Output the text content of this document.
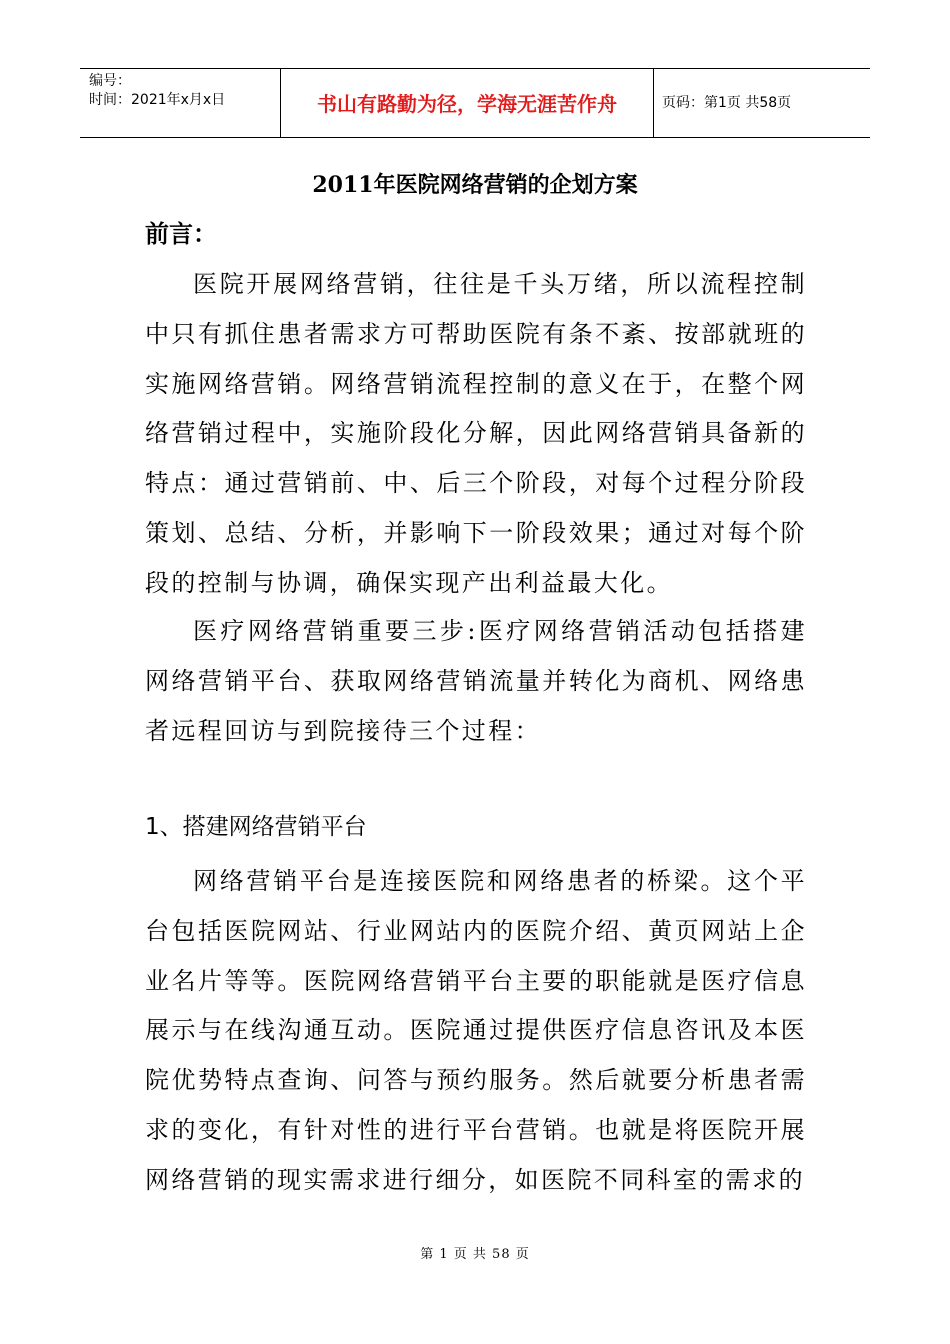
编号：
时间：2021年x月x日	书山有路勤为径，学海无涯苦作舟	页码：第1页 共58页
2011年医院网络营销的企划方案
前言：

医院开展网络营销，往往是千头万绪，所以流程控制中只有抓住患者需求方可帮助医院有条不紊、按部就班的实施网络营销。网络营销流程控制的意义在于，在整个网络营销过程中，实施阶段化分解，因此网络营销具备新的特点：通过营销前、中、后三个阶段，对每个过程分阶段策划、总结、分析，并影响下一阶段效果；通过对每个阶段的控制与协调，确保实现产出利益最大化。

医疗网络营销重要三步:医疗网络营销活动包括搭建网络营销平台、获取网络营销流量并转化为商机、网络患者远程回访与到院接待三个过程：

1、搭建网络营销平台

网络营销平台是连接医院和网络患者的桥梁。这个平台包括医院网站、行业网站内的医院介绍、黄页网站上企业名片等等。医院网络营销平台主要的职能就是医疗信息展示与在线沟通互动。医院通过提供医疗信息咨讯及本医院优势特点查询、问答与预约服务。然后就要分析患者需求的变化，有针对性的进行平台营销。也就是将医院开展网络营销的现实需求进行细分，如医院不同科室的需求的

第 1 页 共 58 页
